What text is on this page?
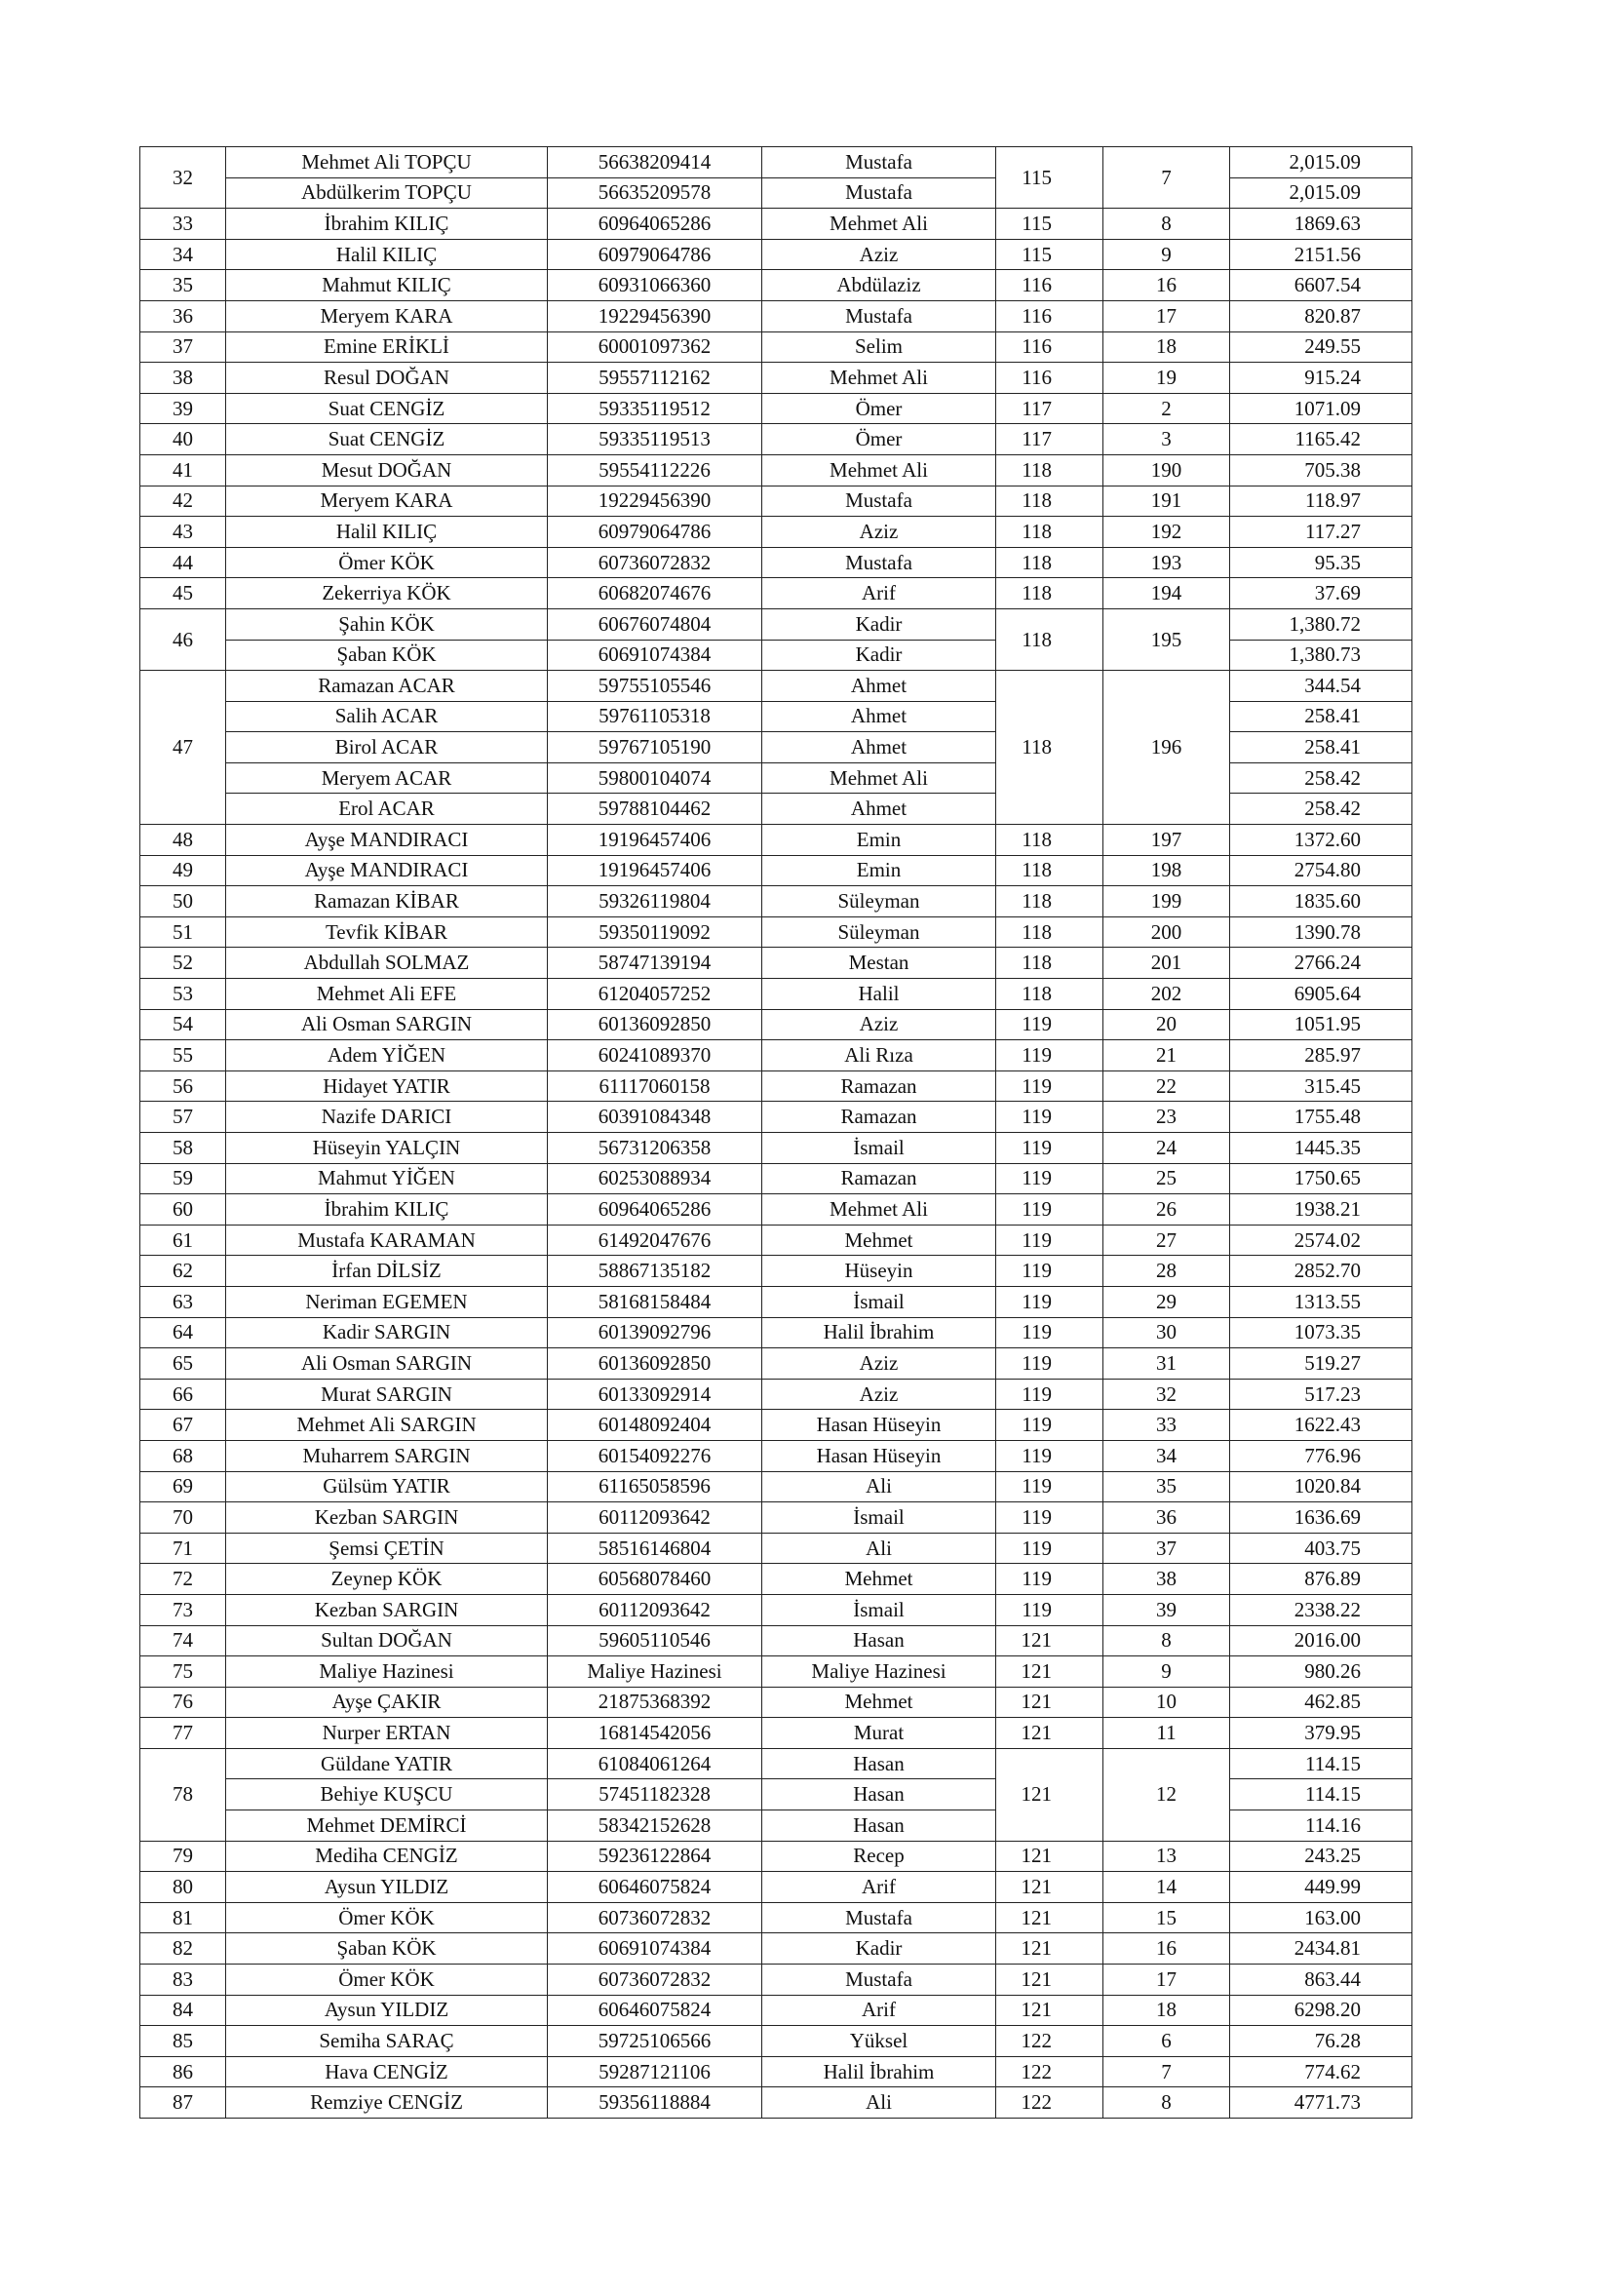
32	Mehmet Ali TOPÇU	56638209414	Mustafa	115	7	2,015.09
	Abdülkerim TOPÇU	56635209578	Mustafa			2,015.09
33	İbrahim KILIÇ	60964065286	Mehmet Ali	115	8	1869.63
34	Halil KILIÇ	60979064786	Aziz	115	9	2151.56
35	Mahmut KILIÇ	60931066360	Abdülaziz	116	16	6607.54
36	Meryem KARA	19229456390	Mustafa	116	17	820.87
37	Emine ERİKLİ	60001097362	Selim	116	18	249.55
38	Resul DOĞAN	59557112162	Mehmet Ali	116	19	915.24
39	Suat CENGİZ	59335119512	Ömer	117	2	1071.09
40	Suat CENGİZ	59335119513	Ömer	117	3	1165.42
41	Mesut DOĞAN	59554112226	Mehmet Ali	118	190	705.38
42	Meryem KARA	19229456390	Mustafa	118	191	118.97
43	Halil KILIÇ	60979064786	Aziz	118	192	117.27
44	Ömer KÖK	60736072832	Mustafa	118	193	95.35
45	Zekerriya KÖK	60682074676	Arif	118	194	37.69
46	Şahin KÖK	60676074804	Kadir	118	195	1,380.72
	Şaban KÖK	60691074384	Kadir			1,380.73
47	Ramazan ACAR	59755105546	Ahmet	118	196	344.54
	Salih ACAR	59761105318	Ahmet			258.41
	Birol ACAR	59767105190	Ahmet			258.41
	Meryem ACAR	59800104074	Mehmet Ali			258.42
	Erol ACAR	59788104462	Ahmet			258.42
48	Ayşe MANDIRACI	19196457406	Emin	118	197	1372.60
49	Ayşe MANDIRACI	19196457406	Emin	118	198	2754.80
50	Ramazan KİBAR	59326119804	Süleyman	118	199	1835.60
51	Tevfik KİBAR	59350119092	Süleyman	118	200	1390.78
52	Abdullah SOLMAZ	58747139194	Mestan	118	201	2766.24
53	Mehmet Ali EFE	61204057252	Halil	118	202	6905.64
54	Ali Osman SARGIN	60136092850	Aziz	119	20	1051.95
55	Adem YİĞEN	60241089370	Ali Rıza	119	21	285.97
56	Hidayet YATIR	61117060158	Ramazan	119	22	315.45
57	Nazife DARICI	60391084348	Ramazan	119	23	1755.48
58	Hüseyin YALÇIN	56731206358	İsmail	119	24	1445.35
59	Mahmut YİĞEN	60253088934	Ramazan	119	25	1750.65
60	İbrahim KILIÇ	60964065286	Mehmet Ali	119	26	1938.21
61	Mustafa KARAMAN	61492047676	Mehmet	119	27	2574.02
62	İrfan DİLSİZ	58867135182	Hüseyin	119	28	2852.70
63	Neriman EGEMEN	58168158484	İsmail	119	29	1313.55
64	Kadir SARGIN	60139092796	Halil İbrahim	119	30	1073.35
65	Ali Osman SARGIN	60136092850	Aziz	119	31	519.27
66	Murat SARGIN	60133092914	Aziz	119	32	517.23
67	Mehmet Ali SARGIN	60148092404	Hasan Hüseyin	119	33	1622.43
68	Muharrem SARGIN	60154092276	Hasan Hüseyin	119	34	776.96
69	Gülsüm YATIR	61165058596	Ali	119	35	1020.84
70	Kezban SARGIN	60112093642	İsmail	119	36	1636.69
71	Şemsi ÇETİN	58516146804	Ali	119	37	403.75
72	Zeynep KÖK	60568078460	Mehmet	119	38	876.89
73	Kezban SARGIN	60112093642	İsmail	119	39	2338.22
74	Sultan DOĞAN	59605110546	Hasan	121	8	2016.00
75	Maliye Hazinesi	Maliye Hazinesi	Maliye Hazinesi	121	9	980.26
76	Ayşe ÇAKIR	21875368392	Mehmet	121	10	462.85
77	Nurper ERTAN	16814542056	Murat	121	11	379.95
78	Güldane YATIR	61084061264	Hasan	121	12	114.15
	Behiye KUŞCU	57451182328	Hasan			114.15
	Mehmet DEMİRCİ	58342152628	Hasan			114.16
79	Mediha CENGİZ	59236122864	Recep	121	13	243.25
80	Aysun YILDIZ	60646075824	Arif	121	14	449.99
81	Ömer KÖK	60736072832	Mustafa	121	15	163.00
82	Şaban KÖK	60691074384	Kadir	121	16	2434.81
83	Ömer KÖK	60736072832	Mustafa	121	17	863.44
84	Aysun YILDIZ	60646075824	Arif	121	18	6298.20
85	Semiha SARAÇ	59725106566	Yüksel	122	6	76.28
86	Hava CENGİZ	59287121106	Halil İbrahim	122	7	774.62
87	Remziye CENGİZ	59356118884	Ali	122	8	4771.73
